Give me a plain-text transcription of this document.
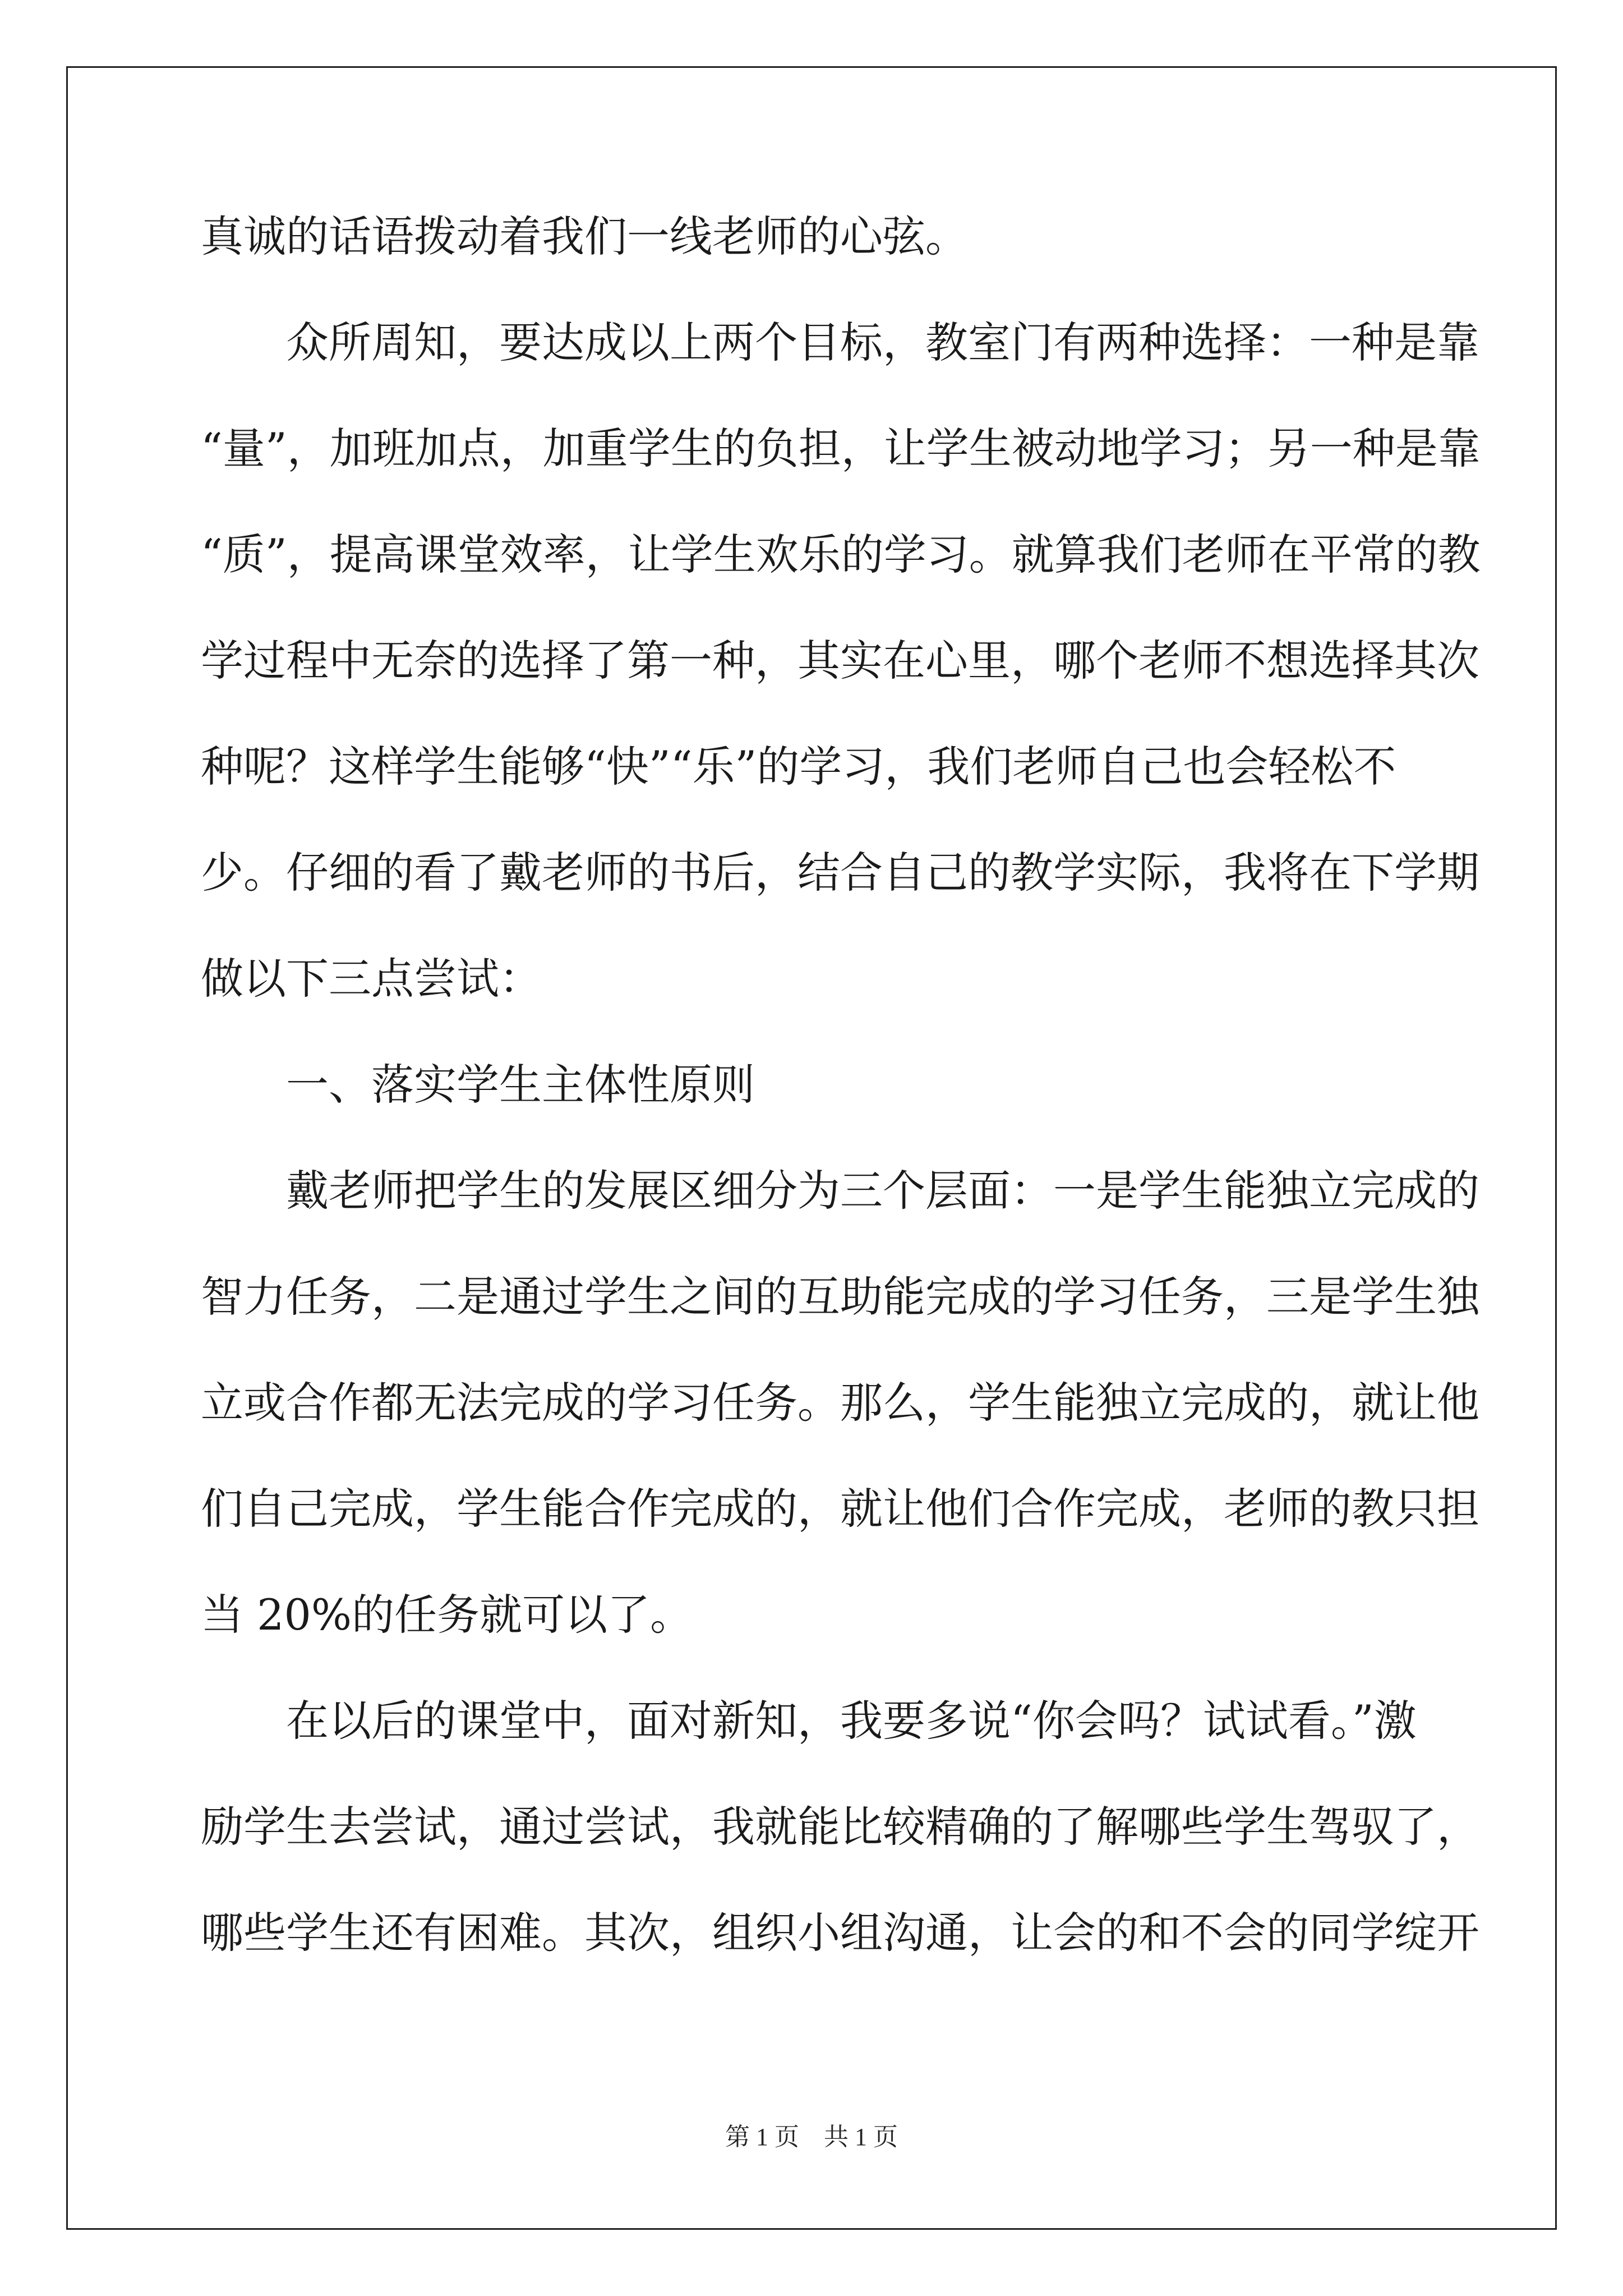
真诚的话语拨动着我们一线老师的心弦。
　　众所周知，要达成以上两个目标，教室门有两种选择：一种是靠
“量”，加班加点，加重学生的负担，让学生被动地学习；另一种是靠
“质”，提高课堂效率，让学生欢乐的学习。就算我们老师在平常的教
学过程中无奈的选择了第一种，其实在心里，哪个老师不想选择其次
种呢？这样学生能够“快”“乐”的学习，我们老师自己也会轻松不
少。仔细的看了戴老师的书后，结合自己的教学实际，我将在下学期
做以下三点尝试：
　　一、落实学生主体性原则
　　戴老师把学生的发展区细分为三个层面：一是学生能独立完成的
智力任务，二是通过学生之间的互助能完成的学习任务，三是学生独
立或合作都无法完成的学习任务。那么，学生能独立完成的，就让他
们自己完成，学生能合作完成的，就让他们合作完成，老师的教只担
当 20%的任务就可以了。
　　在以后的课堂中，面对新知，我要多说“你会吗？试试看。”激
励学生去尝试，通过尝试，我就能比较精确的了解哪些学生驾驭了，
哪些学生还有困难。其次，组织小组沟通，让会的和不会的同学绽开
第 1 页　共 1 页
